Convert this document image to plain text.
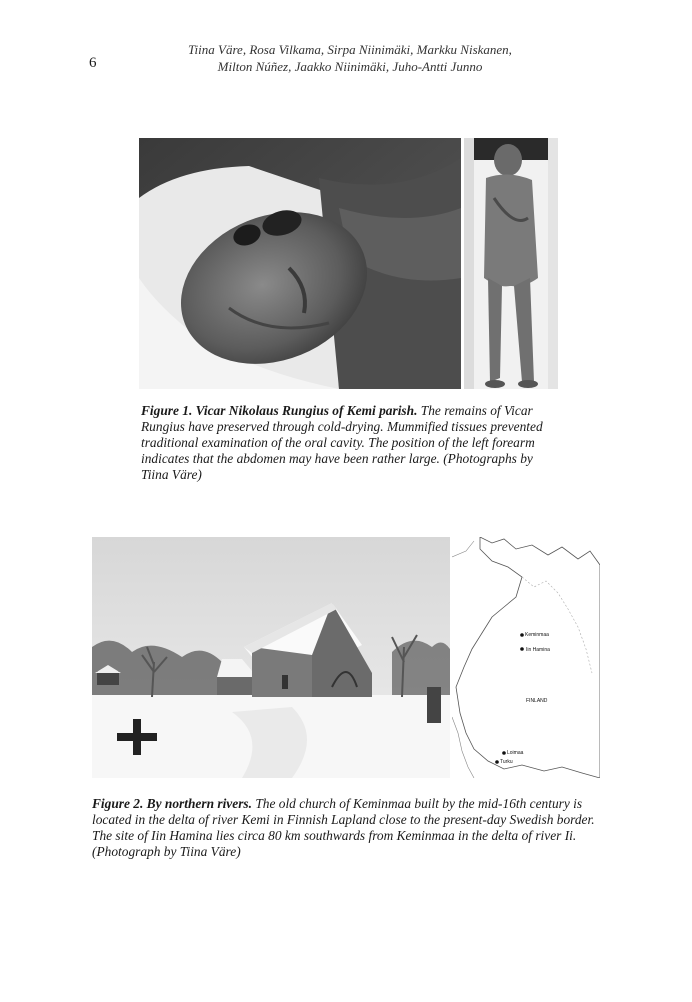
6
Tiina Väre, Rosa Vilkama, Sirpa Niinimäki, Markku Niskanen,
Milton Núñez, Jaakko Niinimäki, Juho-Antti Junno
Figure 1. Vicar Nikolaus Rungius of Kemi parish. The remains of Vicar Rungius have preserved through cold-drying. Mummified tissues prevented traditional examination of the oral cavity. The position of the left forearm indicates that the abdomen may have been rather large. (Photographs by Tiina Väre)
Keminmaa
Iin Hamina
FINLAND
Loimaa
Turku
Figure 2. By northern rivers. The old church of Keminmaa built by the mid-16th century is located in the delta of river Kemi in Finnish Lapland close to the present-day Swedish border. The site of Iin Hamina lies circa 80 km southwards from Keminmaa in the delta of river Ii. (Photograph by Tiina Väre)
